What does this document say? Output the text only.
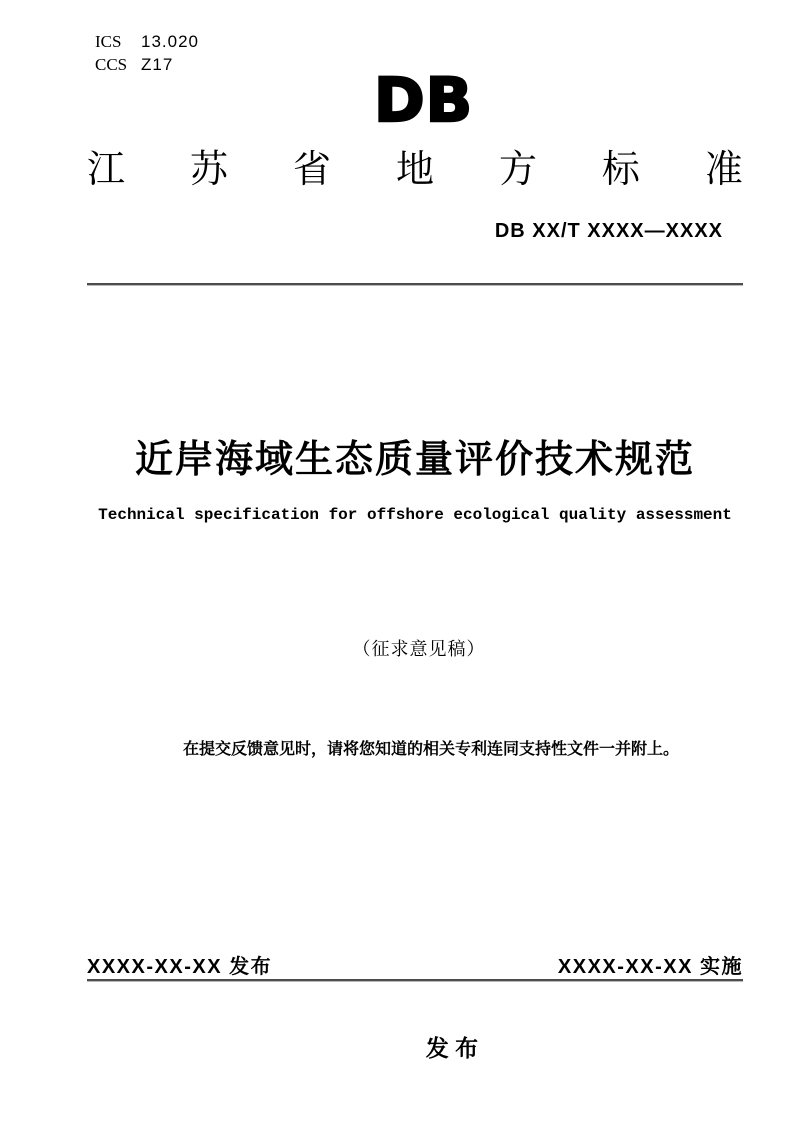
ICS 13.020
CCS Z17
DB
江 苏 省 地 方 标 准
DB XX/T XXXX—XXXX
近岸海域生态质量评价技术规范
Technical specification for offshore ecological quality assessment
（征求意见稿）
在提交反馈意见时，请将您知道的相关专利连同支持性文件一并附上。
XXXX-XX-XX 发布	XXXX-XX-XX 实施
发 布
